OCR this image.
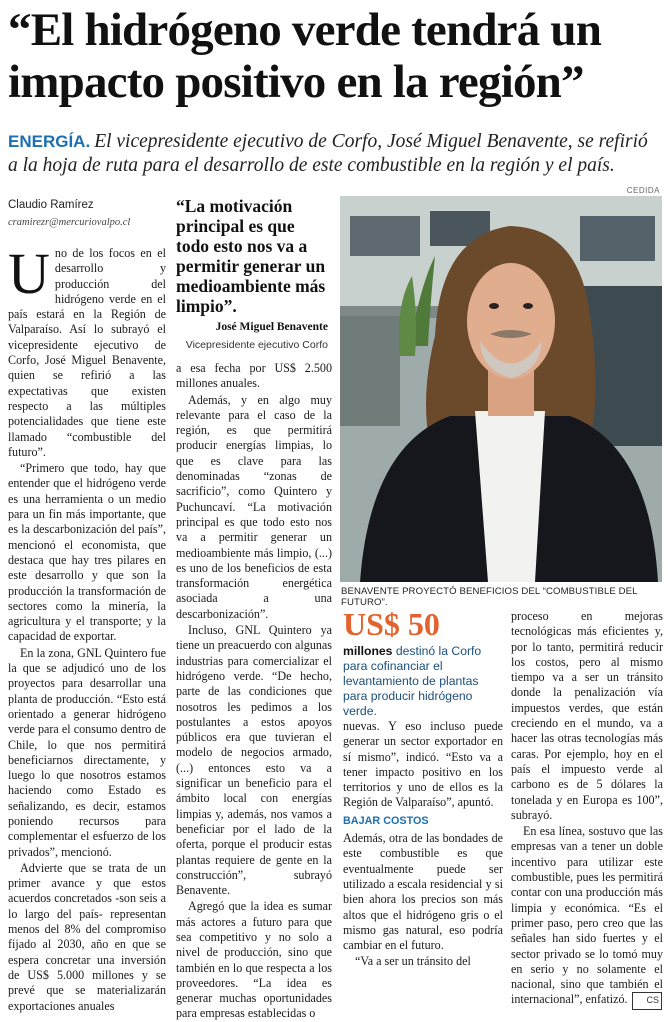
“El hidrógeno verde tendrá un impacto positivo en la región”
ENERGÍA. El vicepresidente ejecutivo de Corfo, José Miguel Benavente, se refirió a la hoja de ruta para el desarrollo de este combustible en la región y el país.
Claudio Ramírez
cramirezr@mercuriovalpo.cl

Uno de los focos en el desarrollo y producción del hidrógeno verde en el país estará en la Región de Valparaíso. Así lo subrayó el vicepresidente ejecutivo de Corfo, José Miguel Benavente, quien se refirió a las expectativas que existen respecto a las múltiples potencialidades que tiene este llamado “combustible del futuro”.

“Primero que todo, hay que entender que el hidrógeno verde es una herramienta o un medio para un fin más importante, que es la descarbonización del país”, mencionó el economista, que destaca que hay tres pilares en este desarrollo y que son la producción la transformación de sectores como la minería, la agricultura y el transporte; y la capacidad de exportar.

En la zona, GNL Quintero fue la que se adjudicó uno de los proyectos para desarrollar una planta de producción. “Esto está orientado a generar hidrógeno verde para el consumo dentro de Chile, lo que nos permitirá beneficiarnos directamente, y luego lo que nosotros estamos haciendo como Estado es señalizando, es decir, estamos poniendo recursos para complementar el esfuerzo de los privados”, mencionó.

Advierte que se trata de un primer avance y que estos acuerdos concretados -son seis a lo largo del país- representan menos del 8% del compromiso fijado al 2030, año en que se espera concretar una inversión de US$ 5.000 millones y se prevé que se materializarán exportaciones anuales

“La motivación principal es que todo esto nos va a permitir generar un medioambiente más limpio”.
José Miguel Benavente
Vicepresidente ejecutivo Corfo

a esa fecha por US$ 2.500 millones anuales.

Además, y en algo muy relevante para el caso de la región, es que permitirá producir energías limpias, lo que es clave para las denominadas “zonas de sacrificio”, como Quintero y Puchuncaví. “La motivación principal es que todo esto nos va a permitir generar un medioambiente más limpio, (...) es uno de los beneficios de esta transformación energética asociada a una descarbonización”.

Incluso, GNL Quintero ya tiene un preacuerdo con algunas industrias para comercializar el hidrógeno verde. “De hecho, parte de las condiciones que nosotros les pedimos a los postulantes a estos apoyos públicos era que tuvieran el modelo de negocios armado, (...) entonces esto va a significar un beneficio para el ámbito local con energías limpias y, además, nos vamos a beneficiar por el lado de la oferta, porque el producir estas plantas requiere de gente en la construcción”, subrayó Benavente.

Agregó que la idea es sumar más actores a futuro para que sea competitivo y no solo a nivel de producción, sino que también en lo que respecta a los proveedores. “La idea es generar muchas oportunidades para empresas establecidas o

CEDIDA
BENAVENTE PROYECTÓ BENEFICIOS DEL “COMBUSTIBLE DEL FUTURO”.
US$ 50
millones destinó la Corfo para cofinanciar el levantamiento de plantas para producir hidrógeno verde.

nuevas. Y eso incluso puede generar un sector exportador en sí mismo”, indicó. “Esto va a tener impacto positivo en los territorios y uno de ellos es la Región de Valparaíso”, apuntó.

BAJAR COSTOS

Además, otra de las bondades de este combustible es que eventualmente puede ser utilizado a escala residencial y si bien ahora los precios son más altos que el hidrógeno gris o el mismo gas natural, eso podría cambiar en el futuro.

“Va a ser un tránsito del

proceso en mejoras tecnológicas más eficientes y, por lo tanto, permitirá reducir los costos, pero al mismo tiempo va a ser un tránsito donde la penalización vía impuestos verdes, que están creciendo en el mundo, va a hacer las otras tecnologías más caras. Por ejemplo, hoy en el país el impuesto verde al carbono es de 5 dólares la tonelada y en Europa es 100”, subrayó.

En esa línea, sostuvo que las empresas van a tener un doble incentivo para utilizar este combustible, pues les permitirá contar con una producción más limpia y económica. “Es el primer paso, pero creo que las señales han sido fuertes y el sector privado se lo tomó muy en serio y no solamente el nacional, sino que también el internacional”, enfatizó. CS
